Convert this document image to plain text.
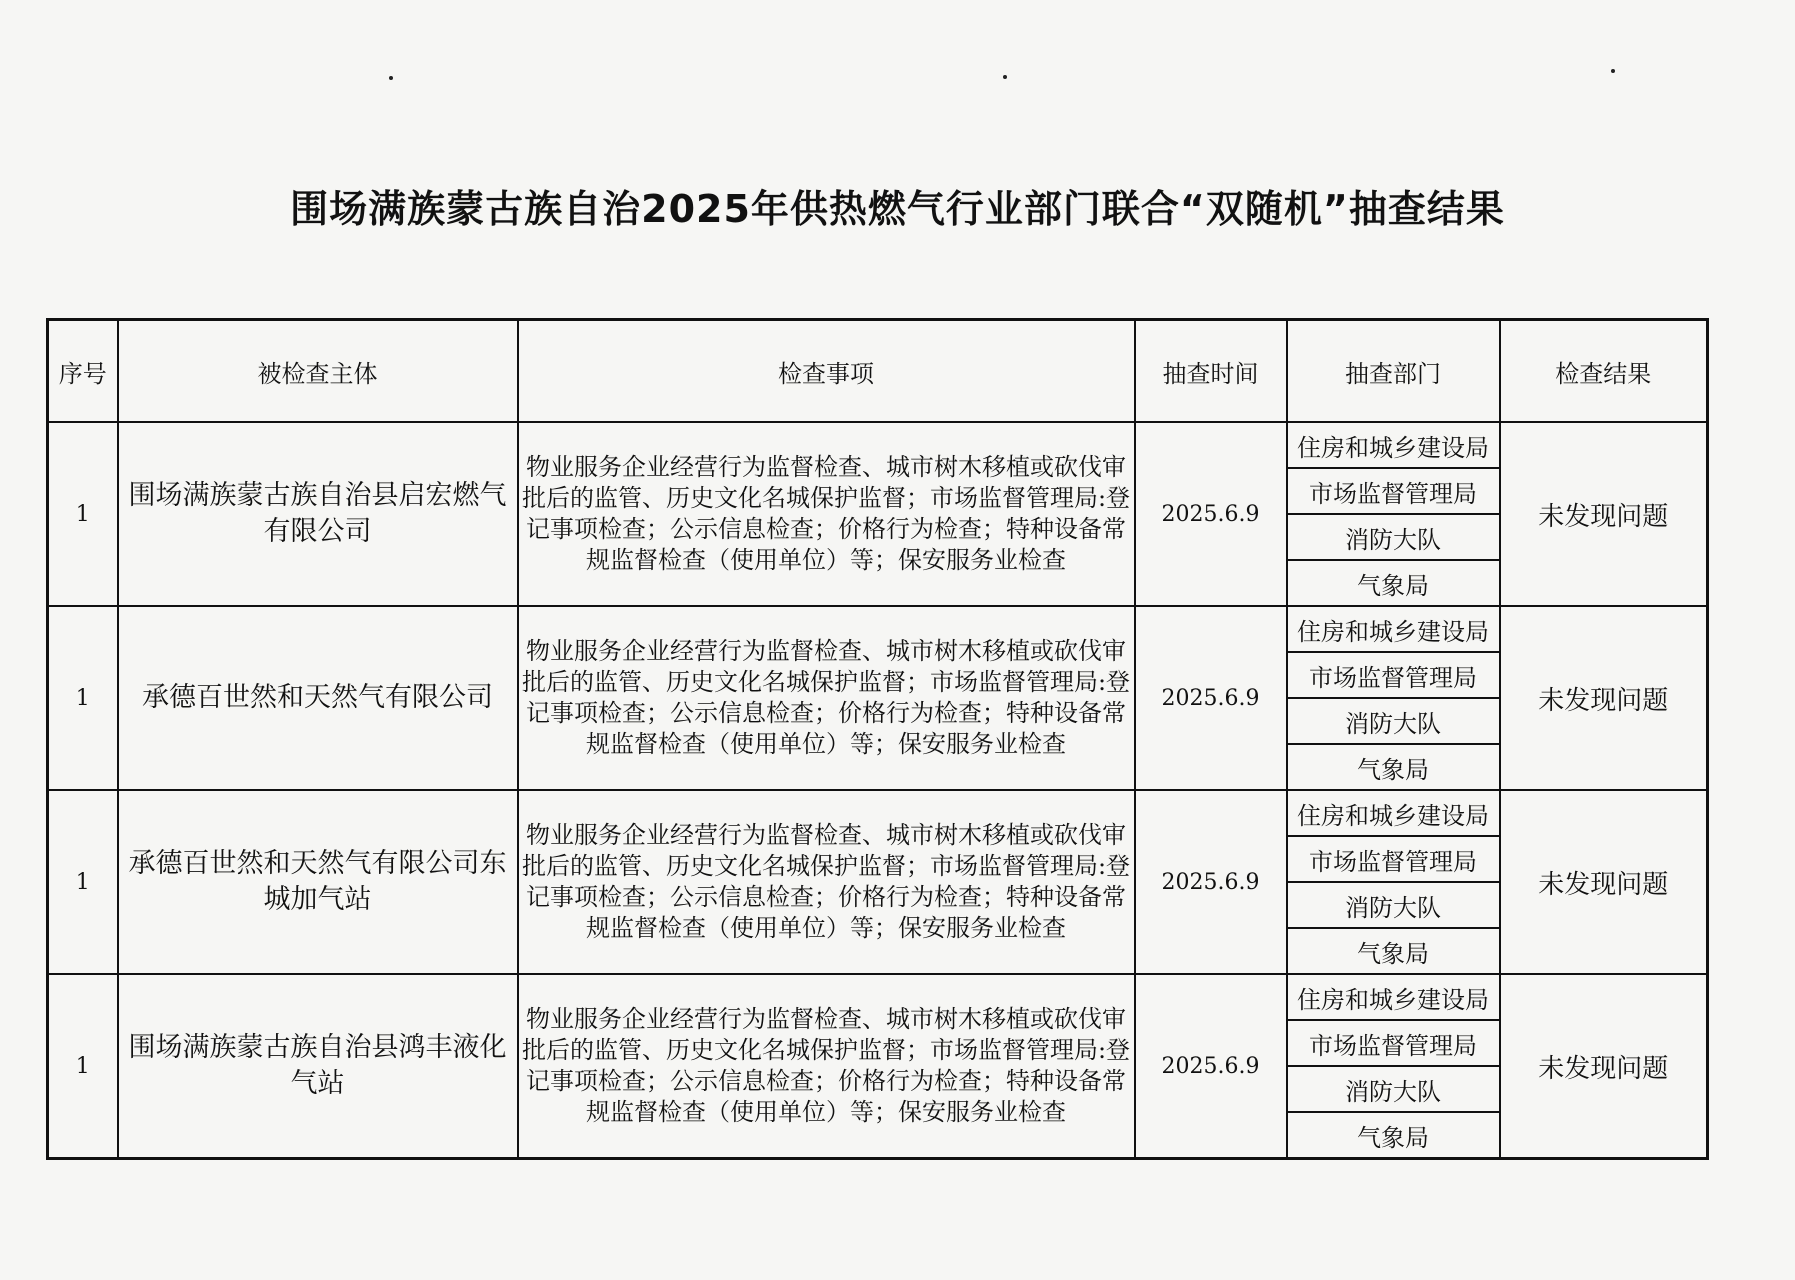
围场满族蒙古族自治2025年供热燃气行业部门联合“双随机”抽查结果
序号	被检查主体	检查事项	抽查时间	抽查部门	检查结果
1	围场满族蒙古族自治县启宏燃气有限公司	物业服务企业经营行为监督检查、城市树木移植或砍伐审批后的监管、历史文化名城保护监督；市场监督管理局:登记事项检查；公示信息检查；价格行为检查；特种设备常规监督检查（使用单位）等；保安服务业检查	2025.6.9	住房和城乡建设局
市场监督管理局
消防大队
气象局	未发现问题
1	承德百世然和天然气有限公司	物业服务企业经营行为监督检查、城市树木移植或砍伐审批后的监管、历史文化名城保护监督；市场监督管理局:登记事项检查；公示信息检查；价格行为检查；特种设备常规监督检查（使用单位）等；保安服务业检查	2025.6.9	住房和城乡建设局
市场监督管理局
消防大队
气象局	未发现问题
1	承德百世然和天然气有限公司东城加气站	物业服务企业经营行为监督检查、城市树木移植或砍伐审批后的监管、历史文化名城保护监督；市场监督管理局:登记事项检查；公示信息检查；价格行为检查；特种设备常规监督检查（使用单位）等；保安服务业检查	2025.6.9	住房和城乡建设局
市场监督管理局
消防大队
气象局	未发现问题
1	围场满族蒙古族自治县鸿丰液化气站	物业服务企业经营行为监督检查、城市树木移植或砍伐审批后的监管、历史文化名城保护监督；市场监督管理局:登记事项检查；公示信息检查；价格行为检查；特种设备常规监督检查（使用单位）等；保安服务业检查	2025.6.9	住房和城乡建设局
市场监督管理局
消防大队
气象局	未发现问题
